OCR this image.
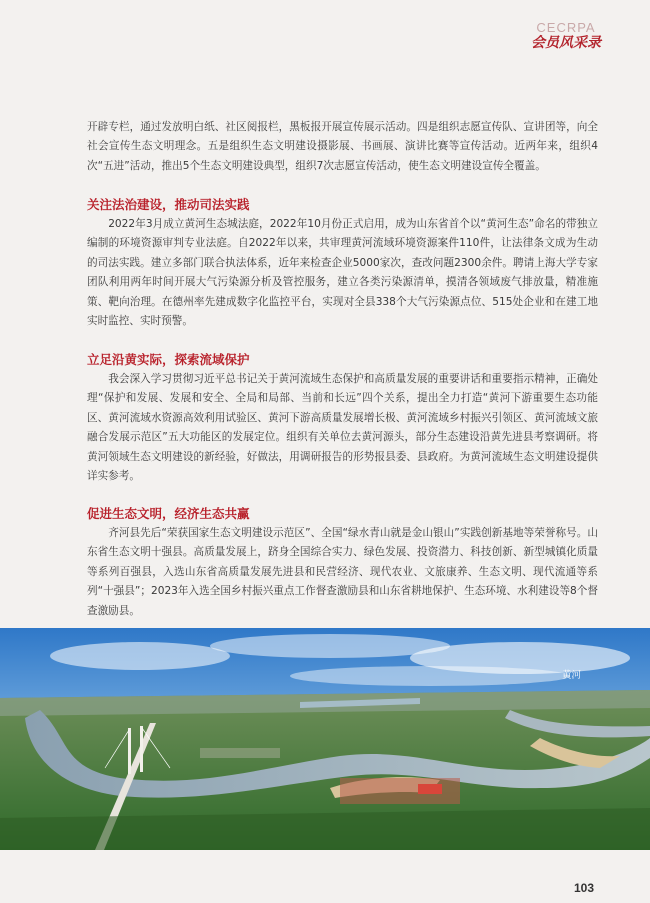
CECRPA
会员风采录

开辟专栏，通过发放明白纸、社区阅报栏，黑板报开展宣传展示活动。四是组织志愿宣传队、宣讲团等，向全社会宣传生态文明理念。五是组织生态文明建设摄影展、书画展、演讲比赛等宣传活动。近两年来，组织4次“五进”活动，推出5个生态文明建设典型，组织7次志愿宣传活动，使生态文明建设宣传全覆盖。

关注法治建设，推动司法实践

2022年3月成立黄河生态城法庭，2022年10月份正式启用，成为山东省首个以“黄河生态”命名的带独立编制的环境资源审判专业法庭。自2022年以来，共审理黄河流域环境资源案件110件，让法律条文成为生动的司法实践。建立多部门联合执法体系，近年来检查企业5000家次，查改问题2300余件。聘请上海大学专家团队利用两年时间开展大气污染源分析及管控服务，建立各类污染源清单，摸清各领域废气排放量，精准施策、靶向治理。在德州率先建成数字化监控平台，实现对全县338个大气污染源点位、515处企业和在建工地实时监控、实时预警。

立足沿黄实际，探索流域保护

我会深入学习贯彻习近平总书记关于黄河流域生态保护和高质量发展的重要讲话和重要指示精神，正确处理“保护和发展、发展和安全、全局和局部、当前和长远”四个关系，提出全力打造“黄河下游重要生态功能区、黄河流域水资源高效利用试验区、黄河下游高质量发展增长极、黄河流域乡村振兴引领区、黄河流域文旅融合发展示范区”五大功能区的发展定位。组织有关单位去黄河源头，部分生态建设沿黄先进县考察调研。将黄河领域生态文明建设的新经验，好做法，用调研报告的形势报县委、县政府。为黄河流域生态文明建设提供详实参考。

促进生态文明，经济生态共赢

齐河县先后“荣获国家生态文明建设示范区”、全国“绿水青山就是金山银山”实践创新基地等荣誉称号。山东省生态文明十强县。高质量发展上，跻身全国综合实力、绿色发展、投资潜力、科技创新、新型城镇化质量等系列百强县，入选山东省高质量发展先进县和民营经济、现代农业、文旅康养、生态文明、现代流通等系列“十强县”；2023年入选全国乡村振兴重点工作督查激励县和山东省耕地保护、生态环境、水利建设等8个督查激励县。

黄河
103
